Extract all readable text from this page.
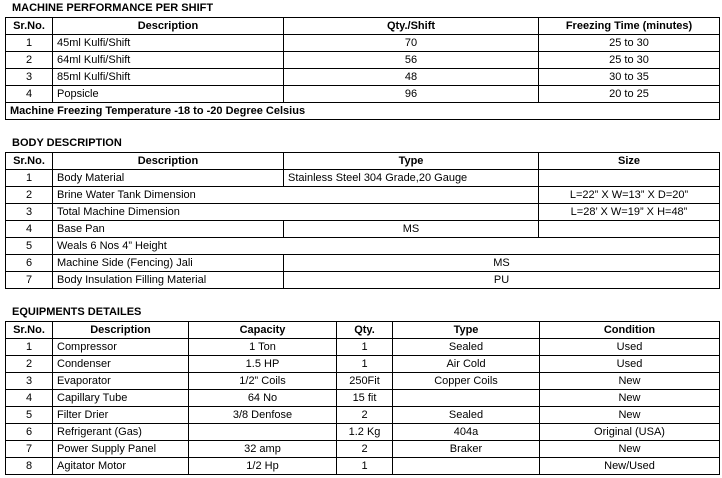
MACHINE PERFORMANCE PER SHIFT
Sr.No.	Description	Qty./Shift	Freezing Time (minutes)
1	45ml Kulfi/Shift	70	25 to 30
2	64ml Kulfi/Shift	56	25 to 30
3	85ml Kulfi/Shift	48	30 to 35
4	Popsicle	96	20 to 25
Machine Freezing Temperature -18 to -20 Degree Celsius			
BODY DESCRIPTION
Sr.No.	Description	Type	Size
1	Body Material	Stainless Steel 304 Grade,20 Gauge	
2	Brine Water Tank Dimension		L=22” X W=13” X D=20”
3	Total Machine Dimension		L=28’ X W=19” X H=48”
4	Base Pan	MS	
5	Weals 6 Nos 4” Height		
6	Machine Side (Fencing) Jali	MS	
7	Body Insulation Filling Material	PU	
EQUIPMENTS DETAILES
Sr.No.	Description	Capacity	Qty.	Type	Condition
1	Compressor	1 Ton	1	Sealed	Used
2	Condenser	1.5 HP	1	Air Cold	Used
3	Evaporator	1/2” Coils	250Fit	Copper Coils	New
4	Capillary Tube	64 No	15 fit		New
5	Filter Drier	3/8 Denfose	2	Sealed	New
6	Refrigerant (Gas)		1.2 Kg	404a	Original (USA)
7	Power Supply Panel	32 amp	2	Braker	New
8	Agitator Motor	1/2 Hp	1		New/Used
